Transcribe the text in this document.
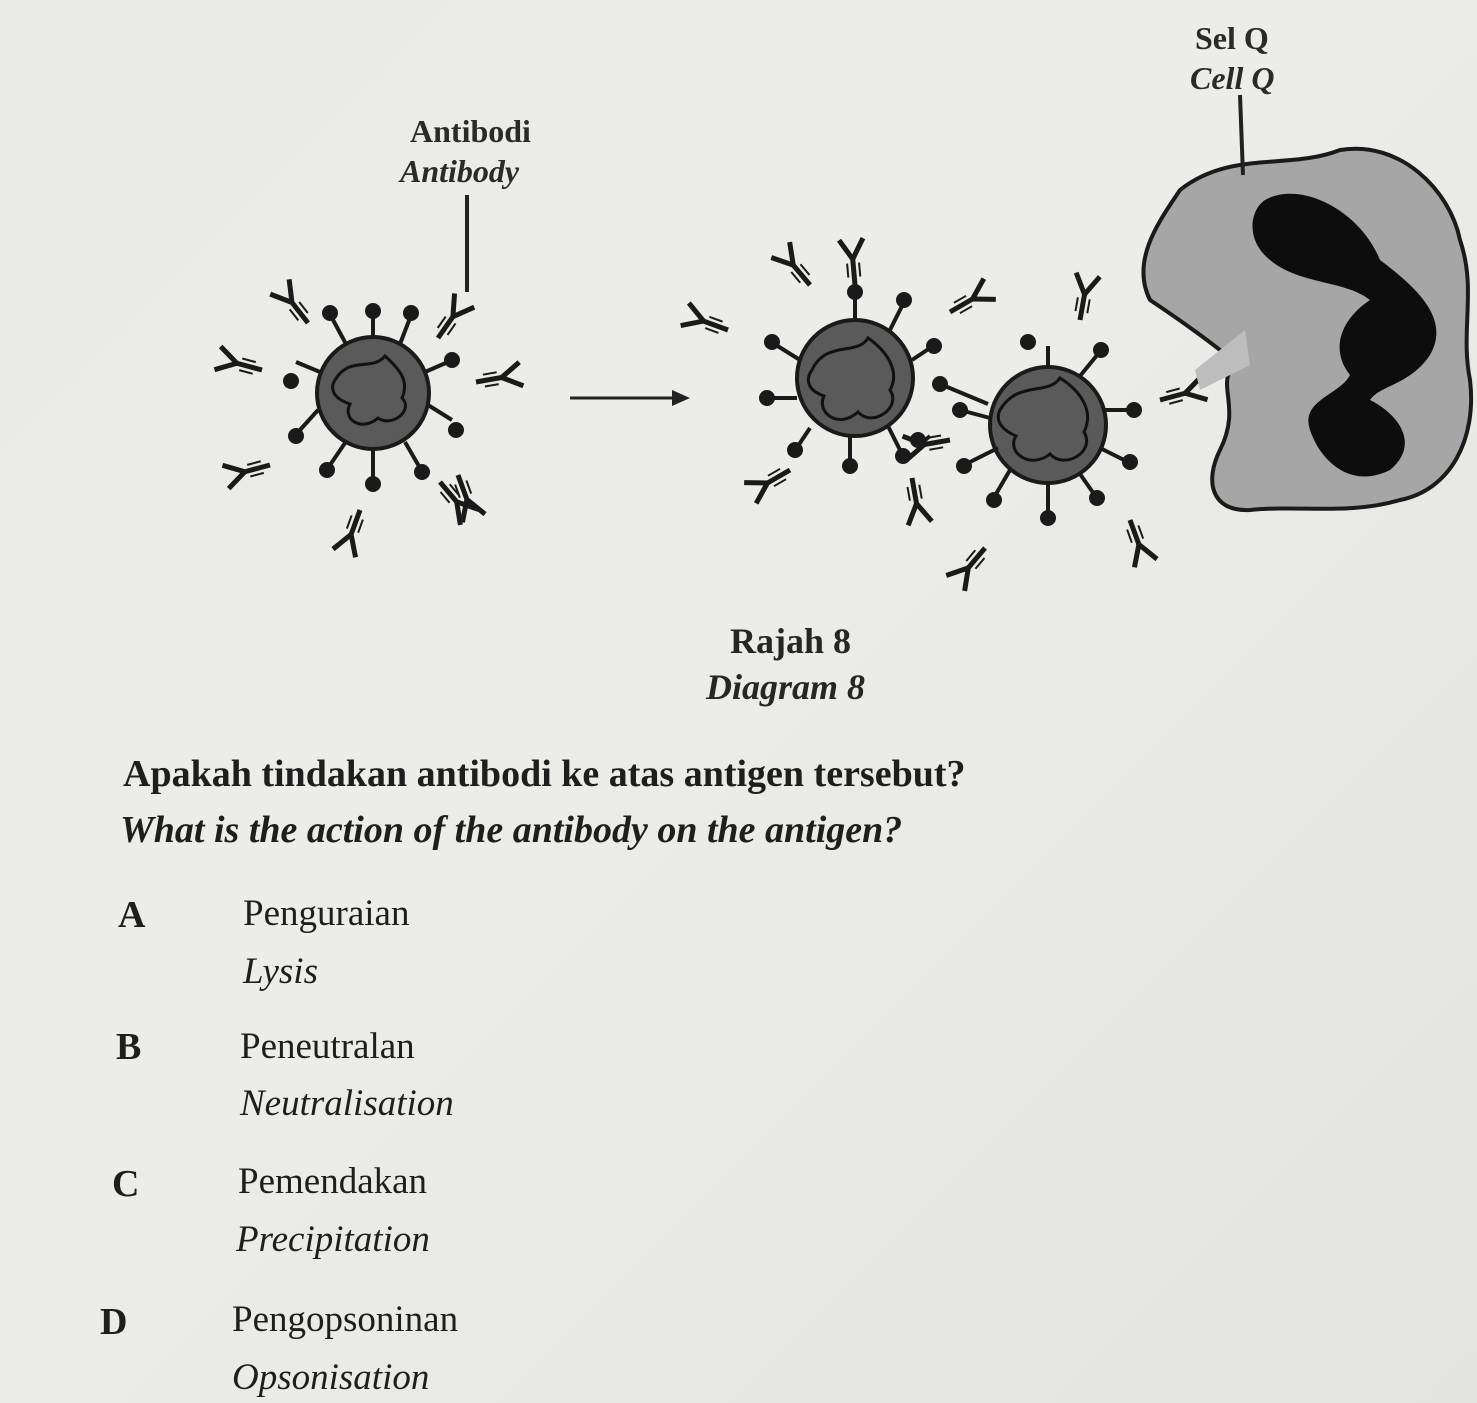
Antibodi
Antibody
Sel Q
Cell Q
Rajah 8
Diagram 8
Apakah tindakan antibodi ke atas antigen tersebut?
What is the action of the antibody on the antigen?
A	Penguraian
Lysis
B	Peneutralan
Neutralisation
C	Pemendakan
Precipitation
D	Pengopsoninan
Opsonisation
